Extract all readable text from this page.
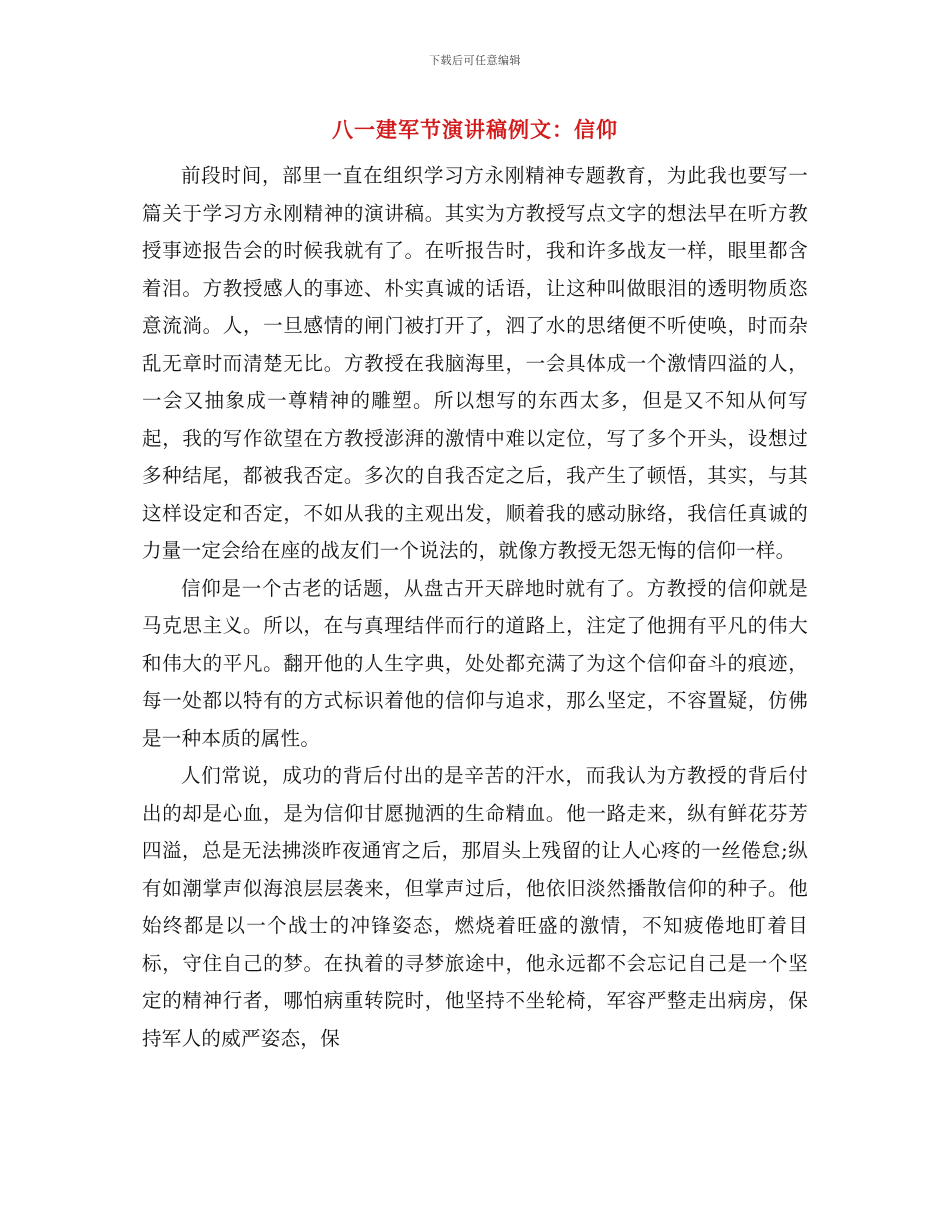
下载后可任意编辑
八一建军节演讲稿例文：信仰

前段时间，部里一直在组织学习方永刚精神专题教育，为此我也要写一篇关于学习方永刚精神的演讲稿。其实为方教授写点文字的想法早在听方教授事迹报告会的时候我就有了。在听报告时，我和许多战友一样，眼里都含着泪。方教授感人的事迹、朴实真诚的话语，让这种叫做眼泪的透明物质恣意流淌。人，一旦感情的闸门被打开了，泗了水的思绪便不听使唤，时而杂乱无章时而清楚无比。方教授在我脑海里，一会具体成一个激情四溢的人，一会又抽象成一尊精神的雕塑。所以想写的东西太多，但是又不知从何写起，我的写作欲望在方教授澎湃的激情中难以定位，写了多个开头，设想过多种结尾，都被我否定。多次的自我否定之后，我产生了顿悟，其实，与其这样设定和否定，不如从我的主观出发，顺着我的感动脉络，我信任真诚的力量一定会给在座的战友们一个说法的，就像方教授无怨无悔的信仰一样。

信仰是一个古老的话题，从盘古开天辟地时就有了。方教授的信仰就是马克思主义。所以，在与真理结伴而行的道路上，注定了他拥有平凡的伟大和伟大的平凡。翻开他的人生字典，处处都充满了为这个信仰奋斗的痕迹，每一处都以特有的方式标识着他的信仰与追求，那么坚定，不容置疑，仿佛是一种本质的属性。

人们常说，成功的背后付出的是辛苦的汗水，而我认为方教授的背后付出的却是心血，是为信仰甘愿抛洒的生命精血。他一路走来，纵有鲜花芬芳四溢，总是无法拂淡昨夜通宵之后，那眉头上残留的让人心疼的一丝倦怠;纵有如潮掌声似海浪层层袭来，但掌声过后，他依旧淡然播散信仰的种子。他始终都是以一个战士的冲锋姿态，燃烧着旺盛的激情，不知疲倦地盯着目标，守住自己的梦。在执着的寻梦旅途中，他永远都不会忘记自己是一个坚定的精神行者，哪怕病重转院时，他坚持不坐轮椅，军容严整走出病房，保持军人的威严姿态，保
